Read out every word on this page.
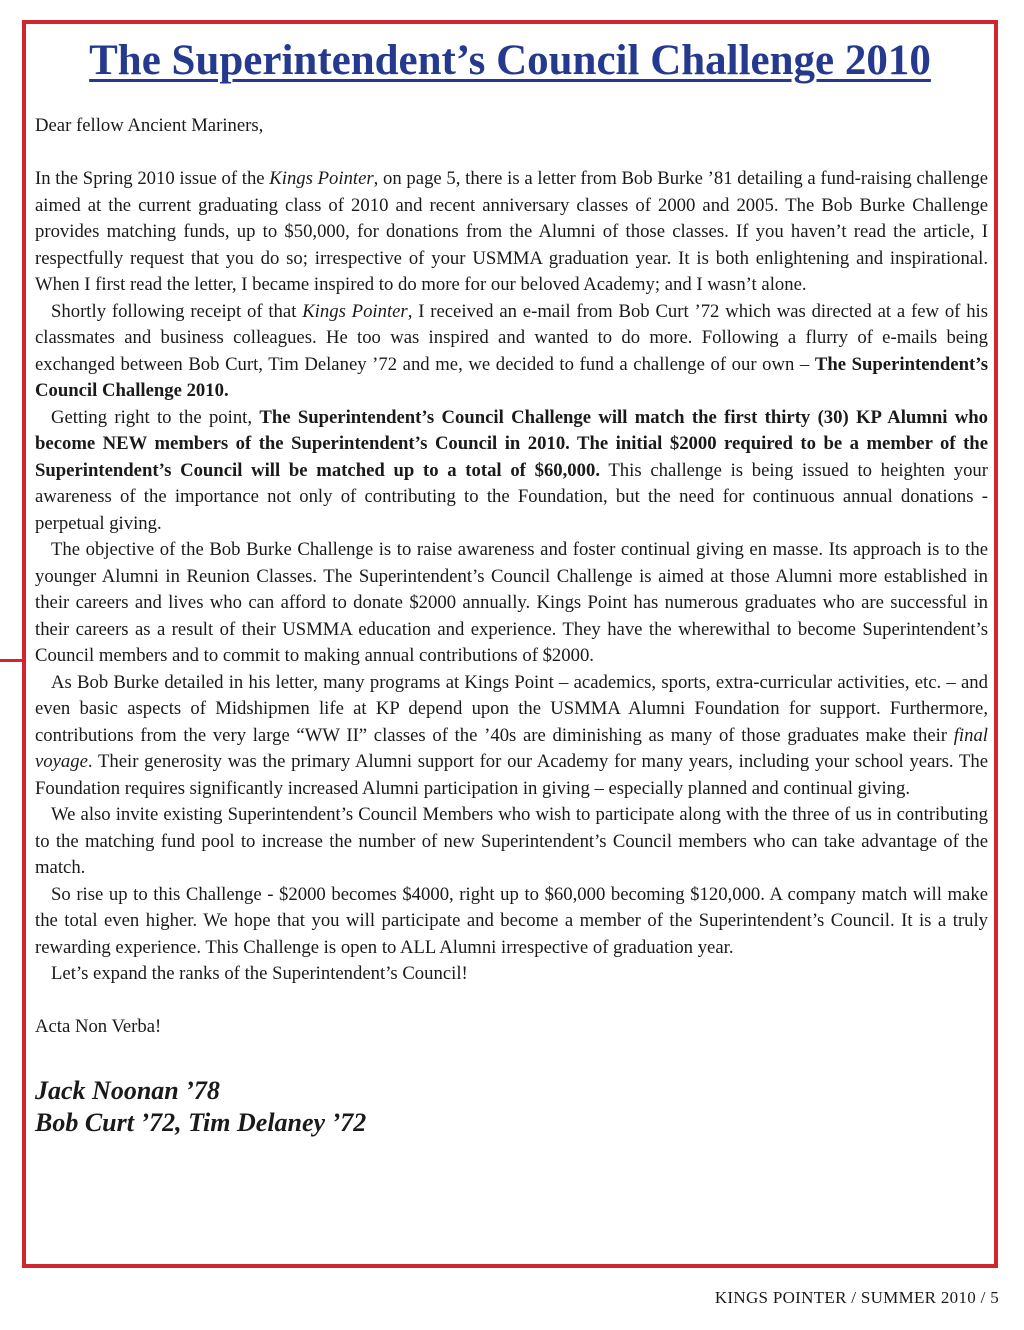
The Superintendent’s Council Challenge 2010

Dear fellow Ancient Mariners,

In the Spring 2010 issue of the Kings Pointer, on page 5, there is a letter from Bob Burke ’81 detailing a fund-raising challenge aimed at the current graduating class of 2010 and recent anniversary classes of 2000 and 2005. The Bob Burke Challenge provides matching funds, up to $50,000, for donations from the Alumni of those classes. If you haven’t read the article, I respectfully request that you do so; irrespective of your USMMA graduation year. It is both enlightening and inspirational. When I first read the letter, I became inspired to do more for our beloved Academy; and I wasn’t alone.

Shortly following receipt of that Kings Pointer, I received an e-mail from Bob Curt ’72 which was directed at a few of his classmates and business colleagues. He too was inspired and wanted to do more. Following a flurry of e-mails being exchanged between Bob Curt, Tim Delaney ’72 and me, we decided to fund a challenge of our own – The Superintendent’s Council Challenge 2010.

Getting right to the point, The Superintendent’s Council Challenge will match the first thirty (30) KP Alumni who become NEW members of the Superintendent’s Council in 2010. The initial $2000 required to be a member of the Superintendent’s Council will be matched up to a total of $60,000. This challenge is being issued to heighten your awareness of the importance not only of contributing to the Foundation, but the need for continuous annual donations - perpetual giving.

The objective of the Bob Burke Challenge is to raise awareness and foster continual giving en masse. Its approach is to the younger Alumni in Reunion Classes. The Superintendent’s Council Challenge is aimed at those Alumni more established in their careers and lives who can afford to donate $2000 annually. Kings Point has numerous graduates who are successful in their careers as a result of their USMMA education and experience. They have the wherewithal to become Superintendent’s Council members and to commit to making annual contributions of $2000.

As Bob Burke detailed in his letter, many programs at Kings Point – academics, sports, extra-curricular activities, etc. – and even basic aspects of Midshipmen life at KP depend upon the USMMA Alumni Foundation for support. Furthermore, contributions from the very large “WW II” classes of the ’40s are diminishing as many of those graduates make their final voyage. Their generosity was the primary Alumni support for our Academy for many years, including your school years. The Foundation requires significantly increased Alumni participation in giving – especially planned and continual giving.

We also invite existing Superintendent’s Council Members who wish to participate along with the three of us in contributing to the matching fund pool to increase the number of new Superintendent’s Council members who can take advantage of the match.

So rise up to this Challenge - $2000 becomes $4000, right up to $60,000 becoming $120,000. A company match will make the total even higher. We hope that you will participate and become a member of the Superintendent’s Council. It is a truly rewarding experience. This Challenge is open to ALL Alumni irrespective of graduation year.

Let’s expand the ranks of the Superintendent’s Council!

Acta Non Verba!

Jack Noonan ’78
Bob Curt ’72, Tim Delaney ’72
KINGS POINTER / SUMMER 2010 / 5
